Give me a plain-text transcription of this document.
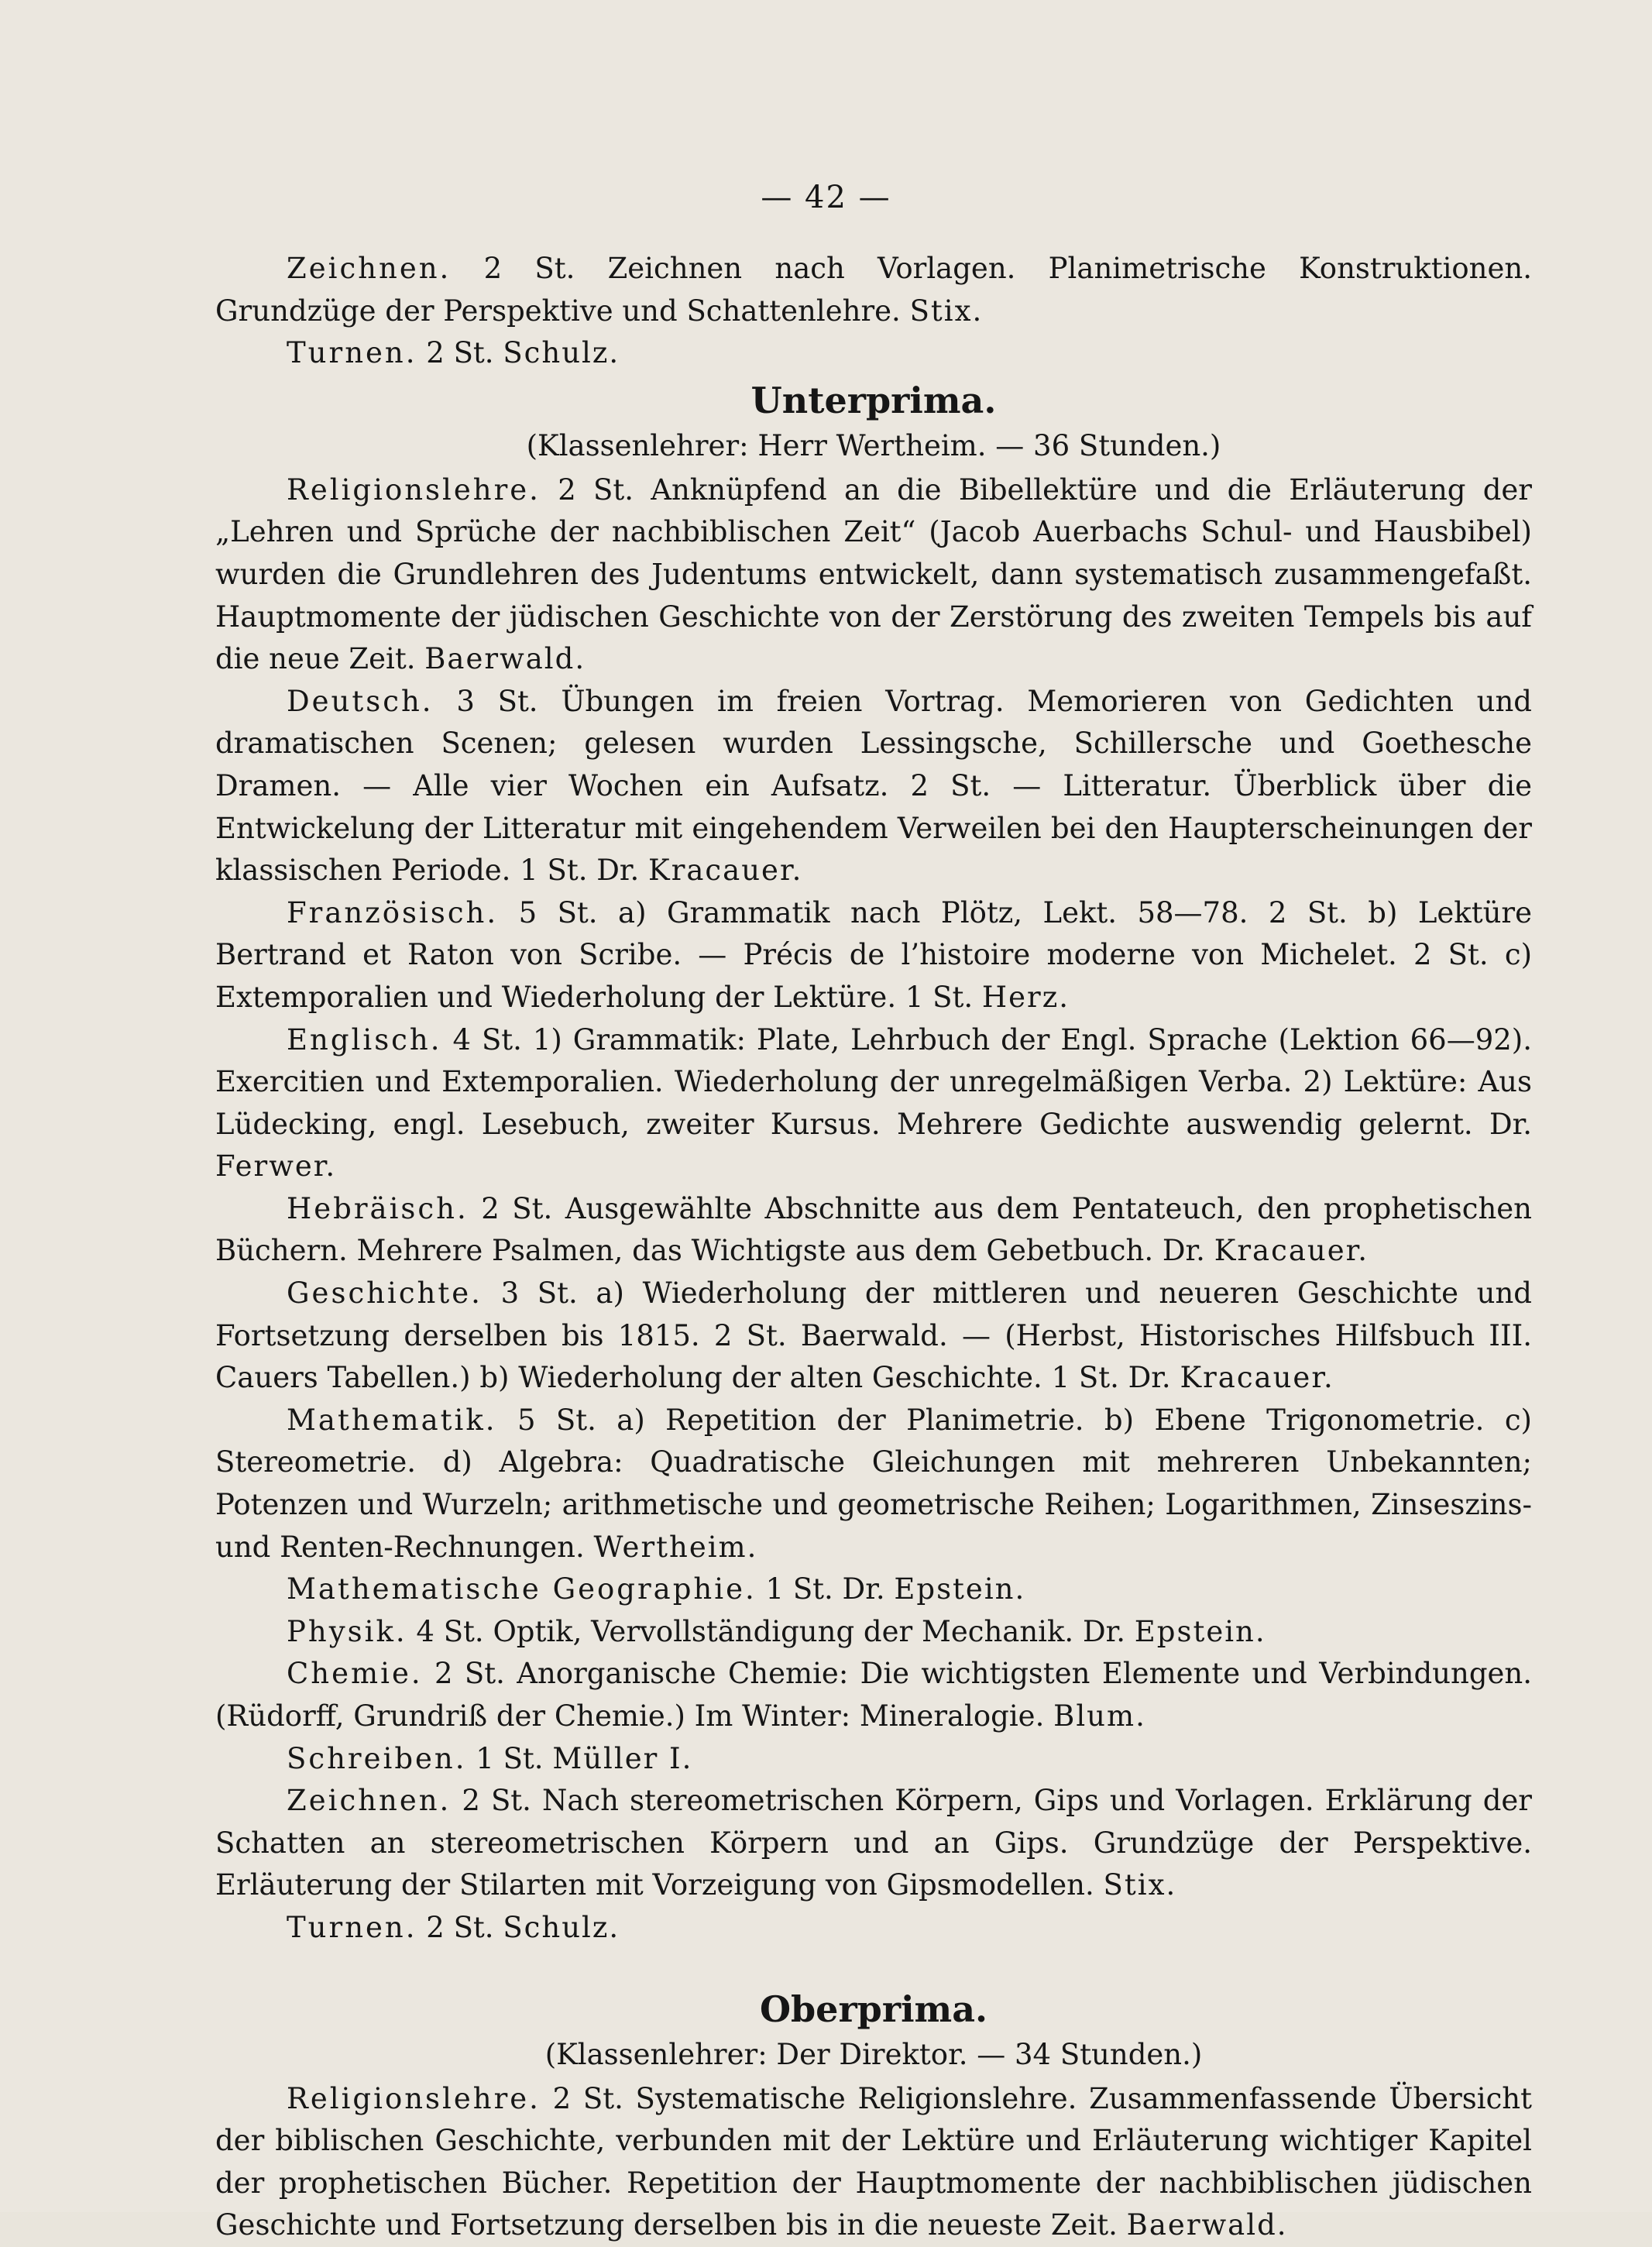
— 42 —

Zeichnen. 2 St. Zeichnen nach Vorlagen. Planimetrische Konstruktionen. Grundzüge der Perspektive und Schattenlehre. Stix.

Turnen. 2 St. Schulz.

Unterprima.
(Klassenlehrer: Herr Wertheim. — 36 Stunden.)

Religionslehre. 2 St. Anknüpfend an die Bibellektüre und die Erläuterung der „Lehren und Sprüche der nachbiblischen Zeit“ (Jacob Auerbachs Schul- und Hausbibel) wurden die Grundlehren des Judentums entwickelt, dann systematisch zusammengefaßt. Hauptmomente der jüdischen Geschichte von der Zerstörung des zweiten Tempels bis auf die neue Zeit. Baerwald.

Deutsch. 3 St. Übungen im freien Vortrag. Memorieren von Gedichten und dramatischen Scenen; gelesen wurden Lessingsche, Schillersche und Goethesche Dramen. — Alle vier Wochen ein Aufsatz. 2 St. — Litteratur. Überblick über die Entwickelung der Litteratur mit eingehendem Verweilen bei den Haupterscheinungen der klassischen Periode. 1 St. Dr. Kracauer.

Französisch. 5 St. a) Grammatik nach Plötz, Lekt. 58—78. 2 St. b) Lektüre Bertrand et Raton von Scribe. — Précis de l’histoire moderne von Michelet. 2 St. c) Extemporalien und Wiederholung der Lektüre. 1 St. Herz.

Englisch. 4 St. 1) Grammatik: Plate, Lehrbuch der Engl. Sprache (Lektion 66—92). Exercitien und Extemporalien. Wiederholung der unregelmäßigen Verba. 2) Lektüre: Aus Lüdecking, engl. Lesebuch, zweiter Kursus. Mehrere Gedichte auswendig gelernt. Dr. Ferwer.

Hebräisch. 2 St. Ausgewählte Abschnitte aus dem Pentateuch, den prophetischen Büchern. Mehrere Psalmen, das Wichtigste aus dem Gebetbuch. Dr. Kracauer.

Geschichte. 3 St. a) Wiederholung der mittleren und neueren Geschichte und Fortsetzung derselben bis 1815. 2 St. Baerwald. — (Herbst, Historisches Hilfsbuch III. Cauers Tabellen.) b) Wiederholung der alten Geschichte. 1 St. Dr. Kracauer.

Mathematik. 5 St. a) Repetition der Planimetrie. b) Ebene Trigonometrie. c) Stereometrie. d) Algebra: Quadratische Gleichungen mit mehreren Unbekannten; Potenzen und Wurzeln; arithmetische und geometrische Reihen; Logarithmen, Zinseszins- und Renten-Rechnungen. Wertheim.

Mathematische Geographie. 1 St. Dr. Epstein.

Physik. 4 St. Optik, Vervollständigung der Mechanik. Dr. Epstein.

Chemie. 2 St. Anorganische Chemie: Die wichtigsten Elemente und Verbindungen. (Rüdorff, Grundriß der Chemie.) Im Winter: Mineralogie. Blum.

Schreiben. 1 St. Müller I.

Zeichnen. 2 St. Nach stereometrischen Körpern, Gips und Vorlagen. Erklärung der Schatten an stereometrischen Körpern und an Gips. Grundzüge der Perspektive. Erläuterung der Stilarten mit Vorzeigung von Gipsmodellen. Stix.

Turnen. 2 St. Schulz.

Oberprima.
(Klassenlehrer: Der Direktor. — 34 Stunden.)

Religionslehre. 2 St. Systematische Religionslehre. Zusammenfassende Übersicht der biblischen Geschichte, verbunden mit der Lektüre und Erläuterung wichtiger Kapitel der prophetischen Bücher. Repetition der Hauptmomente der nachbiblischen jüdischen Geschichte und Fortsetzung derselben bis in die neueste Zeit. Baerwald.
